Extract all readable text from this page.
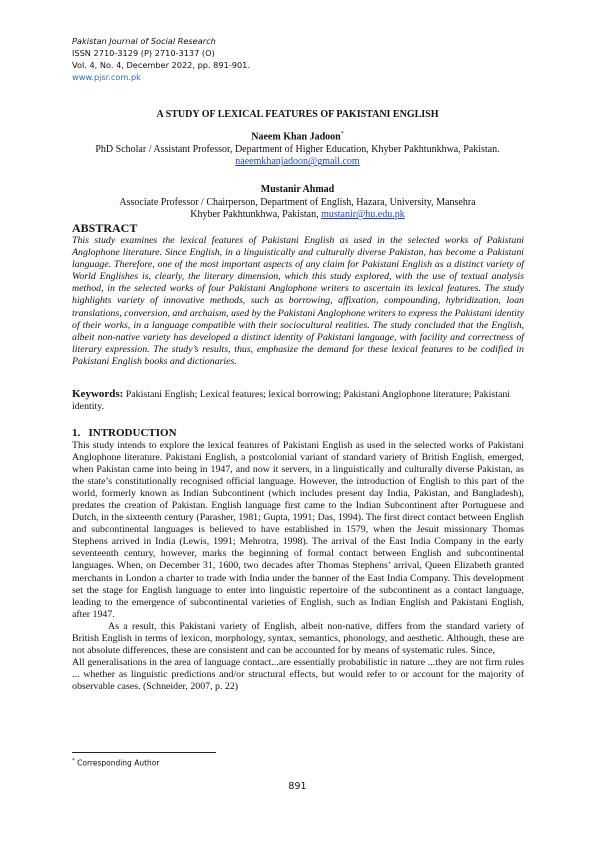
Pakistan Journal of Social Research
ISSN 2710-3129 (P) 2710-3137 (O)
Vol. 4, No. 4, December 2022, pp. 891-901.
www.pjsr.com.pk
A STUDY OF LEXICAL FEATURES OF PAKISTANI ENGLISH
Naeem Khan Jadoon*
PhD Scholar / Assistant Professor, Department of Higher Education, Khyber Pakhtunkhwa, Pakistan.
naeemkhanjadoon@gmail.com
Mustanir Ahmad
Associate Professor / Chairperson, Department of English, Hazara, University, Mansehra
Khyber Pakhtunkhwa, Pakistan, mustanir@hu.edu.pk
ABSTRACT
This study examines the lexical features of Pakistani English as used in the selected works of Pakistani Anglophone literature. Since English, in a linguistically and culturally diverse Pakistan, has become a Pakistani language. Therefore, one of the most important aspects of any claim for Pakistani English as a distinct variety of World Englishes is, clearly, the literary dimension, which this study explored, with the use of textual analysis method, in the selected works of four Pakistani Anglophone writers to ascertain its lexical features. The study highlights variety of innovative methods, such as borrowing, affixation, compounding, hybridization, loan translations, conversion, and archaism, used by the Pakistani Anglophone writers to express the Pakistani identity of their works, in a language compatible with their sociocultural realities. The study concluded that the English, albeit non-native variety has developed a distinct identity of Pakistani language, with facility and correctness of literary expression. The study’s results, thus, emphasize the demand for these lexical features to be codified in Pakistani English books and dictionaries.
Keywords: Pakistani English; Lexical features; lexical borrowing; Pakistani Anglophone literature; Pakistani identity.
1.   INTRODUCTION

This study intends to explore the lexical features of Pakistani English as used in the selected works of Pakistani Anglophone literature. Pakistani English, a postcolonial variant of standard variety of British English, emerged, when Pakistan came into being in 1947, and now it servers, in a linguistically and culturally diverse Pakistan, as the state’s constitutionally recognised official language. However, the introduction of English to this part of the world, formerly known as Indian Subcontinent (which includes present day India, Pakistan, and Bangladesh), predates the creation of Pakistan. English language first came to the Indian Subcontinent after Portuguese and Dutch, in the sixteenth century (Parasher, 1981; Gupta, 1991; Das, 1994). The first direct contact between English and subcontinental languages is believed to have established in 1579, when the Jesuit missionary Thomas Stephens arrived in India (Lewis, 1991; Mehrotra, 1998). The arrival of the East India Company in the early seventeenth century, however, marks the beginning of formal contact between English and subcontinental languages. When, on December 31, 1600, two decades after Thomas Stephens’ arrival, Queen Elizabeth granted merchants in London a charter to trade with India under the banner of the East India Company. This development set the stage for English language to enter into linguistic repertoire of the subcontinent as a contact language, leading to the emergence of subcontinental varieties of English, such as Indian English and Pakistani English, after 1947.

As a result, this Pakistani variety of English, albeit non-native, differs from the standard variety of British English in terms of lexicon, morphology, syntax, semantics, phonology, and aesthetic. Although, these are not absolute differences, these are consistent and can be accounted for by means of systematic rules. Since,

All generalisations in the area of language contact...are essentially probabilistic in nature ...they are not firm rules ... whether as linguistic predictions and/or structural effects, but would refer to or account for the majority of observable cases. (Schneider, 2007, p. 22)

* Corresponding Author
891
